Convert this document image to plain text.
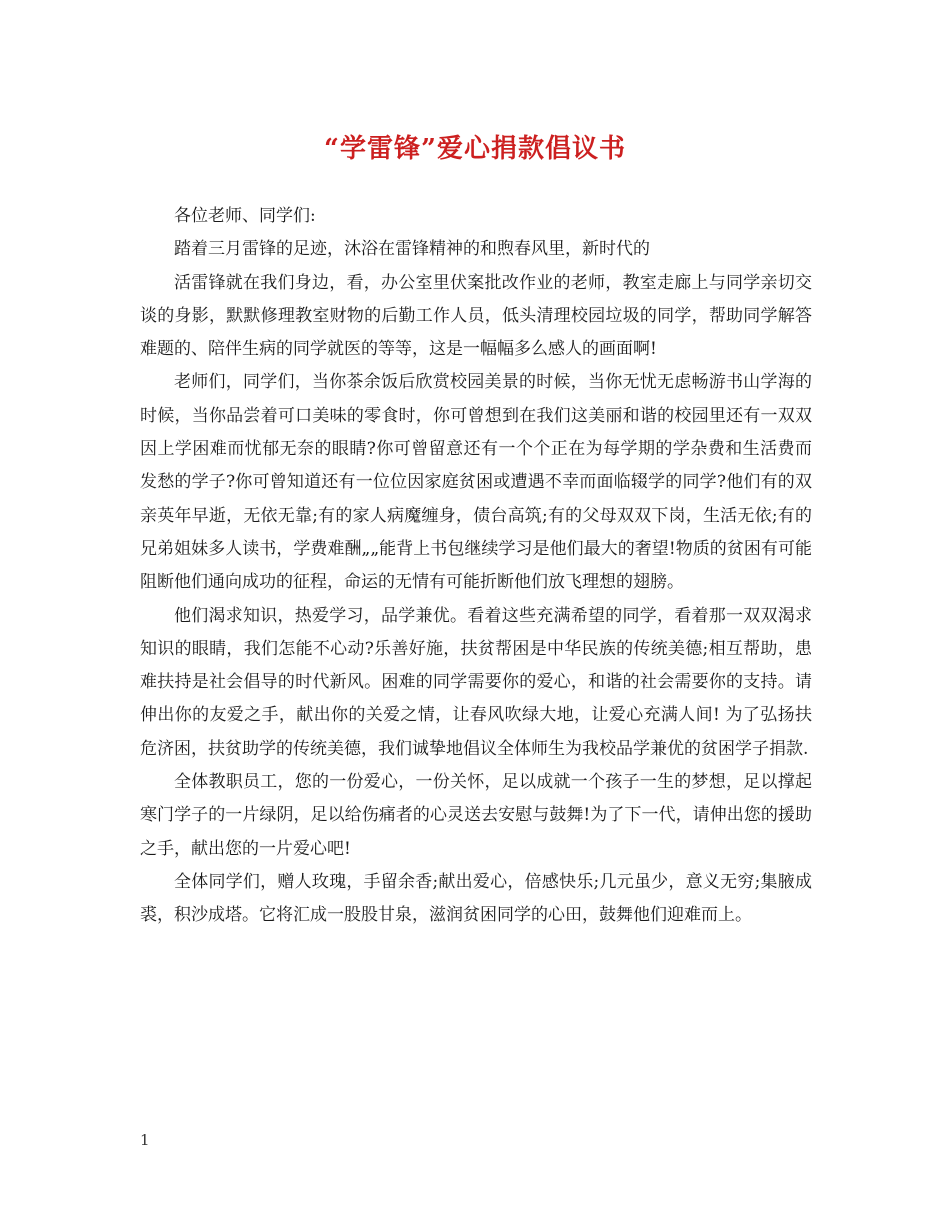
“学雷锋”爱心捐款倡议书

各位老师、同学们:

踏着三月雷锋的足迹，沐浴在雷锋精神的和煦春风里，新时代的

活雷锋就在我们身边，看，办公室里伏案批改作业的老师，教室走廊上与同学亲切交谈的身影，默默修理教室财物的后勤工作人员，低头清理校园垃圾的同学，帮助同学解答难题的、陪伴生病的同学就医的等等，这是一幅幅多么感人的画面啊!

老师们，同学们，当你茶余饭后欣赏校园美景的时候，当你无忧无虑畅游书山学海的时候，当你品尝着可口美味的零食时，你可曾想到在我们这美丽和谐的校园里还有一双双因上学困难而忧郁无奈的眼睛?你可曾留意还有一个个正在为每学期的学杂费和生活费而发愁的学子?你可曾知道还有一位位因家庭贫困或遭遇不幸而面临辍学的同学?他们有的双亲英年早逝，无依无靠;有的家人病魔缠身，债台高筑;有的父母双双下岗，生活无依;有的兄弟姐妹多人读书，学费难酬„„能背上书包继续学习是他们最大的奢望!物质的贫困有可能阻断他们通向成功的征程，命运的无情有可能折断他们放飞理想的翅膀。

他们渴求知识，热爱学习，品学兼优。看着这些充满希望的同学，看着那一双双渴求知识的眼睛，我们怎能不心动?乐善好施，扶贫帮困是中华民族的传统美德;相互帮助，患难扶持是社会倡导的时代新风。困难的同学需要你的爱心，和谐的社会需要你的支持。请伸出你的友爱之手，献出你的关爱之情，让春风吹绿大地，让爱心充满人间! 为了弘扬扶危济困，扶贫助学的传统美德，我们诚挚地倡议全体师生为我校品学兼优的贫困学子捐款.

全体教职员工，您的一份爱心，一份关怀，足以成就一个孩子一生的梦想，足以撑起寒门学子的一片绿阴，足以给伤痛者的心灵送去安慰与鼓舞!为了下一代，请伸出您的援助之手，献出您的一片爱心吧!

全体同学们，赠人玫瑰，手留余香;献出爱心，倍感快乐;几元虽少，意义无穷;集腋成裘，积沙成塔。它将汇成一股股甘泉，滋润贫困同学的心田，鼓舞他们迎难而上。

1
